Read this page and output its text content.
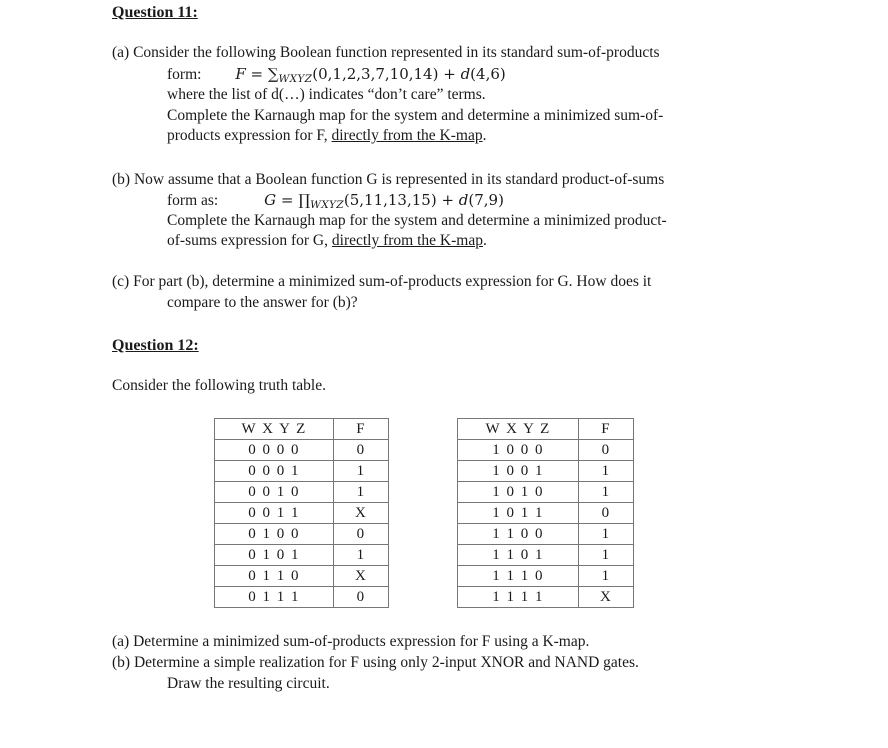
Question 11:
(a) Consider the following Boolean function represented in its standard sum-of-products
form: $F = \sum_{WXYZ}(0,1,2,3,7,10,14) + d(4,6)$
where the list of d(…) indicates “don’t care” terms.
Complete the Karnaugh map for the system and determine a minimized sum-of-
products expression for F, directly from the K-map.
(b) Now assume that a Boolean function G is represented in its standard product-of-sums
form as:	$G = \prod_{WXYZ}(5,11,13,15) + d(7,9)$
Complete the Karnaugh map for the system and determine a minimized product-
of-sums expression for G, directly from the K-map.
(c) For part (b), determine a minimized sum-of-products expression for G. How does it
compare to the answer for (b)?
Question 12:
Consider the following truth table.
W X Y Z	F
0 0 0 0	0
0 0 0 1	1
0 0 1 0	1
0 0 1 1	X
0 1 0 0	0
0 1 0 1	1
0 1 1 0	X
0 1 1 1	0
W X Y Z	F
1 0 0 0	0
1 0 0 1	1
1 0 1 0	1
1 0 1 1	0
1 1 0 0	1
1 1 0 1	1
1 1 1 0	1
1 1 1 1	X
(a) Determine a minimized sum-of-products expression for F using a K-map.
(b) Determine a simple realization for F using only 2-input XNOR and NAND gates.
Draw the resulting circuit.
